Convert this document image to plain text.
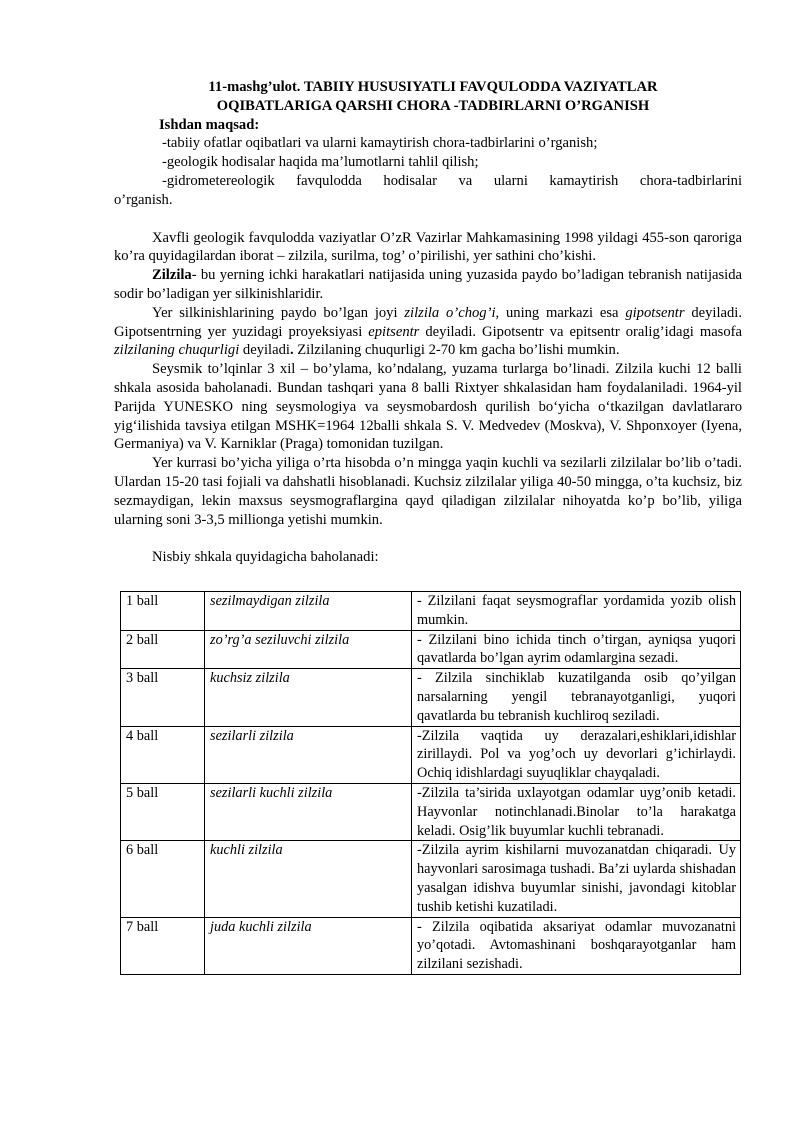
11-mashg’ulot. TABIIY HUSUSIYATLI FAVQULODDA VAZIYATLAR
OQIBATLARIGA QARSHI CHORA -TADBIRLARNI O’RGANISH
Ishdan maqsad:
-tabiiy ofatlar oqibatlari va ularni kamaytirish chora-tadbirlarini o’rganish;
-geologik hodisalar haqida ma’lumotlarni tahlil qilish;
-gidrometereologik favqulodda hodisalar va ularni kamaytirish chora-tadbirlarini
o’rganish.

Xavfli geologik favqulodda vaziyatlar O’zR Vazirlar Mahkamasining 1998 yildagi 455-son qaroriga ko’ra quyidagilardan iborat – zilzila, surilma, tog’ o’pirilishi, yer sathini cho’kishi.

Zilzila- bu yerning ichki harakatlari natijasida uning yuzasida paydo bo’ladigan tebranish natijasida sodir bo’ladigan yer silkinishlaridir.

Yer silkinishlarining paydo bo’lgan joyi zilzila o’chog’i, uning markazi esa gipotsentr deyiladi. Gipotsentrning yer yuzidagi proyeksiyasi epitsentr deyiladi. Gipotsentr va epitsentr oralig’idagi masofa zilzilaning chuqurligi deyiladi. Zilzilaning chuqurligi 2-70 km gacha bo’lishi mumkin.

Seysmik to’lqinlar 3 xil – bo’ylama, ko’ndalang, yuzama turlarga bo’linadi. Zilzila kuchi 12 balli shkala asosida baholanadi. Bundan tashqari yana 8 balli Rixtyer shkalasidan ham foydalaniladi. 1964-yil Parijda YUNESKO ning seysmologiya va seysmobardosh qurilish bo‘yicha o‘tkazilgan davlatlararo yig‘ilishida tavsiya etilgan MSHK=1964 12balli shkala S. V. Medvedev (Moskva), V. Shponxoyer (Iyena, Germaniya) va V. Karniklar (Praga) tomonidan tuzilgan.

Yer kurrasi bo’yicha yiliga o’rta hisobda o’n mingga yaqin kuchli va sezilarli zilzilalar bo’lib o’tadi. Ulardan 15-20 tasi fojiali va dahshatli hisoblanadi. Kuchsiz zilzilalar yiliga 40-50 mingga, o’ta kuchsiz, biz sezmaydigan, lekin maxsus seysmograflargina qayd qiladigan zilzilalar nihoyatda ko’p bo’lib, yiliga ularning soni 3-3,5 millionga yetishi mumkin.

Nisbiy shkala quyidagicha baholanadi:
1 ball	sezilmaydigan zilzila	- Zilzilani faqat seysmograflar yordamida yozib olish mumkin.
2 ball	zo’rg’a seziluvchi zilzila	- Zilzilani bino ichida tinch o’tirgan, ayniqsa yuqori qavatlarda bo’lgan ayrim odamlargina sezadi.
3 ball	kuchsiz zilzila	- Zilzila sinchiklab kuzatilganda osib qo’yilgan narsalarning yengil tebranayotganligi, yuqori qavatlarda bu tebranish kuchliroq seziladi.
4 ball	sezilarli zilzila	-Zilzila vaqtida uy derazalari,eshiklari,idishlar zirillaydi. Pol va yog’och uy devorlari g’ichirlaydi. Ochiq idishlardagi suyuqliklar chayqaladi.
5 ball	sezilarli kuchli zilzila	-Zilzila ta’sirida uxlayotgan odamlar uyg’onib ketadi. Hayvonlar notinchlanadi.Binolar to’la harakatga keladi. Osig’lik buyumlar kuchli tebranadi.
6 ball	kuchli zilzila	-Zilzila ayrim kishilarni muvozanatdan chiqaradi. Uy hayvonlari sarosimaga tushadi. Ba’zi uylarda shishadan yasalgan idishva buyumlar sinishi, javondagi kitoblar tushib ketishi kuzatiladi.
7 ball	juda kuchli zilzila	- Zilzila oqibatida aksariyat odamlar muvozanatni yo’qotadi. Avtomashinani boshqarayotganlar ham zilzilani sezishadi.
